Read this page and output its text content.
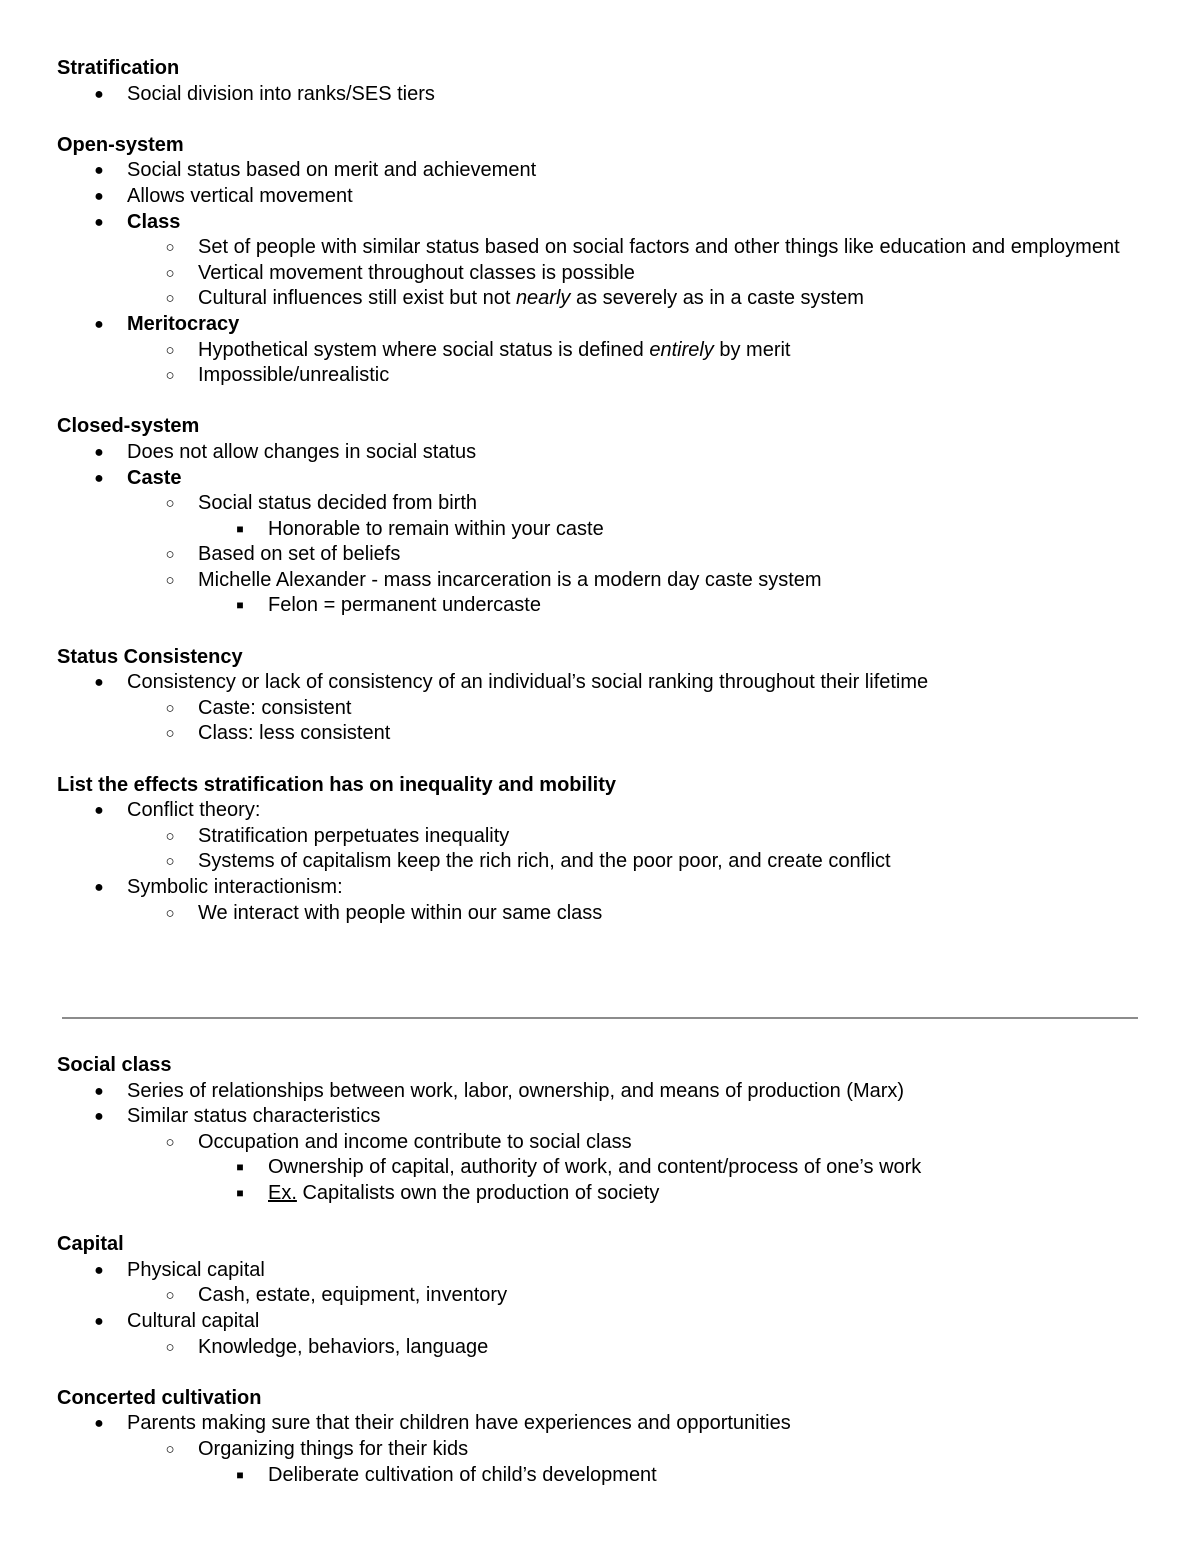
Stratification
● Social division into ranks/SES tiers
Open-system
● Social status based on merit and achievement
● Allows vertical movement
● Class
○ Set of people with similar status based on social factors and other things like education and employment
○ Vertical movement throughout classes is possible
○ Cultural influences still exist but not nearly as severely as in a caste system
● Meritocracy
○ Hypothetical system where social status is defined entirely by merit
○ Impossible/unrealistic
Closed-system
● Does not allow changes in social status
● Caste
○ Social status decided from birth
■	Honorable to remain within your caste
○ Based on set of beliefs
○ Michelle Alexander - mass incarceration is a modern day caste system
■	Felon = permanent undercaste
Status Consistency
● Consistency or lack of consistency of an individual’s social ranking throughout their lifetime
○ Caste: consistent
○ Class: less consistent
List the effects stratification has on inequality and mobility
● Conflict theory:
○ Stratification perpetuates inequality
○ Systems of capitalism keep the rich rich, and the poor poor, and create conflict
● Symbolic interactionism:
○ We interact with people within our same class
Social class
● Series of relationships between work, labor, ownership, and means of production (Marx)
● Similar status characteristics
○ Occupation and income contribute to social class
■	Ownership of capital, authority of work, and content/process of one’s work
■	Ex. Capitalists own the production of society
Capital
● Physical capital
○ Cash, estate, equipment, inventory
● Cultural capital
○ Knowledge, behaviors, language
Concerted cultivation
● Parents making sure that their children have experiences and opportunities
○ Organizing things for their kids
■	Deliberate cultivation of child’s development
